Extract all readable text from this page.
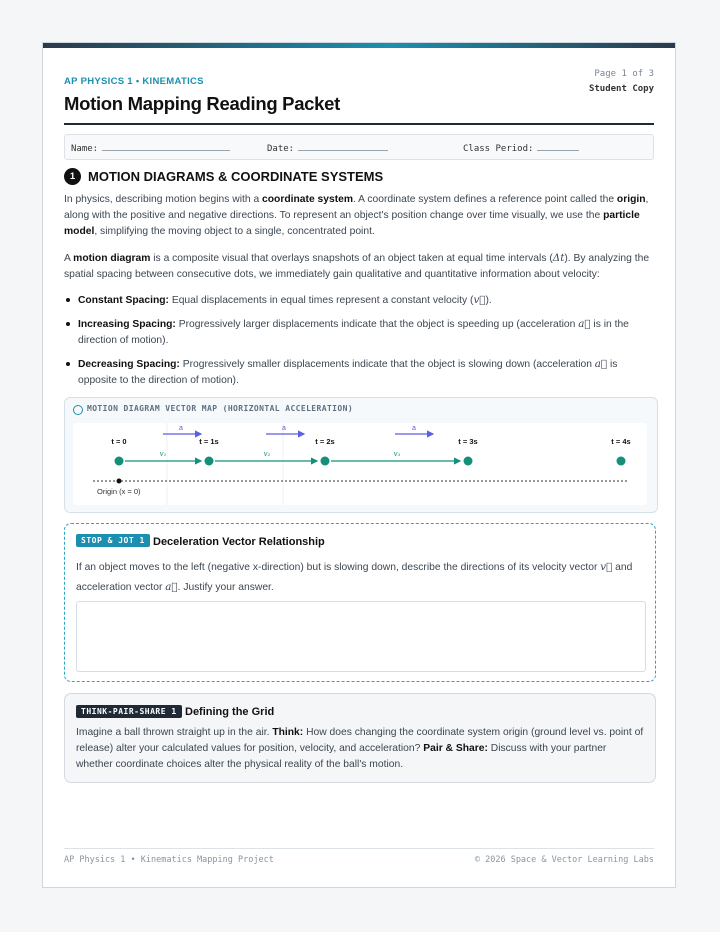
AP PHYSICS 1 • KINEMATICS
Motion Mapping Reading Packet
Page 1 of 3
Student Copy
Name:	Date:	Class Period:
1 MOTION DIAGRAMS & COORDINATE SYSTEMS
In physics, describing motion begins with a coordinate system. A coordinate system defines a reference point called the origin, along with the positive and negative directions. To represent an object's position change over time visually, we use the particle model, simplifying the moving object to a single, concentrated point.
A motion diagram is a composite visual that overlays snapshots of an object taken at equal time intervals (Δt). By analyzing the spatial spacing between consecutive dots, we immediately gain qualitative and quantitative information about velocity:
Constant Spacing: Equal displacements in equal times represent a constant velocity (v⃗).
Increasing Spacing: Progressively larger displacements indicate that the object is speeding up (acceleration a⃗ is in the direction of motion).
Decreasing Spacing: Progressively smaller displacements indicate that the object is slowing down (acceleration a⃗ is opposite to the direction of motion).
MOTION DIAGRAM VECTOR MAP (HORIZONTAL ACCELERATION)
Origin (x = 0)
t = 0	t = 1s	t = 2s	t = 3s	t = 4s
a	a	a
v₁	v₂	v₃
STOP & JOT 1 Deceleration Vector Relationship
If an object moves to the left (negative x-direction) but is slowing down, describe the directions of its velocity vector v⃗ and acceleration vector a⃗. Justify your answer.
THINK-PAIR-SHARE 1 Defining the Grid
Imagine a ball thrown straight up in the air. Think: How does changing the coordinate system origin (ground level vs. point of release) alter your calculated values for position, velocity, and acceleration? Pair & Share: Discuss with your partner whether coordinate choices alter the physical reality of the ball's motion.
AP Physics 1 • Kinematics Mapping Project	© 2026 Space & Vector Learning Labs
